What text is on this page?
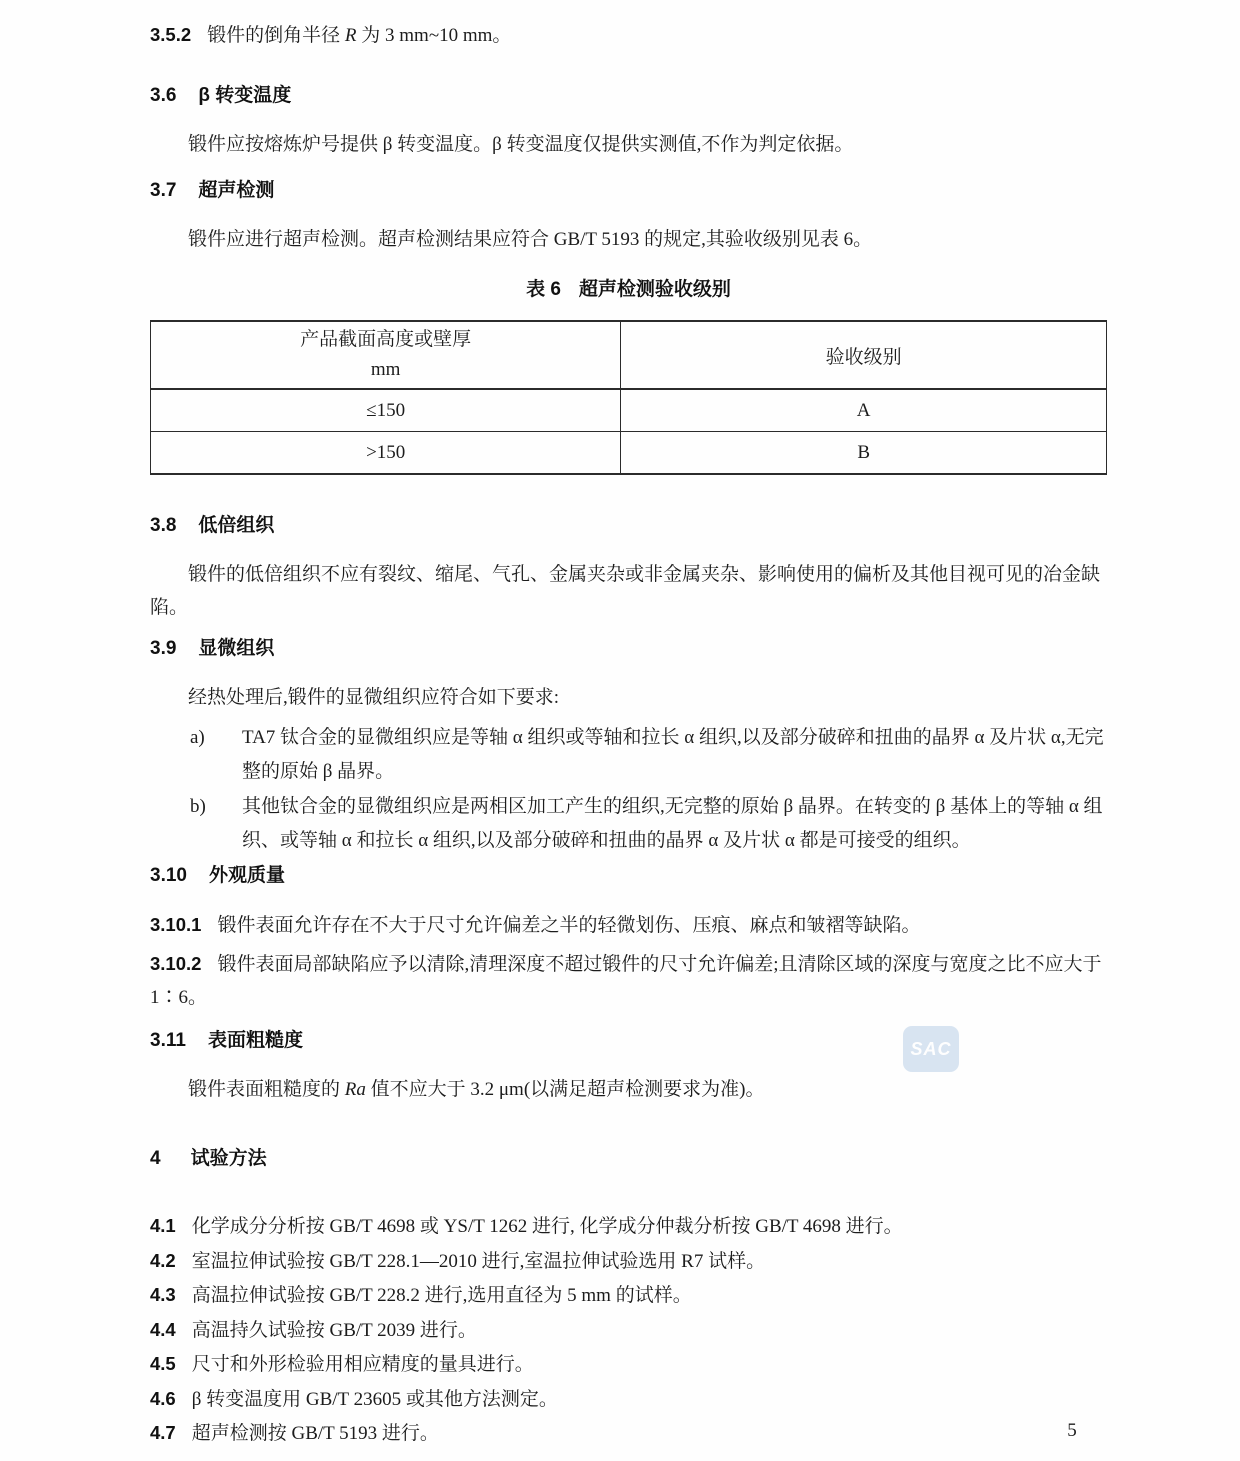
3.5.2 锻件的倒角半径 R 为 3 mm~10 mm。
3.6 β 转变温度
锻件应按熔炼炉号提供 β 转变温度。β 转变温度仅提供实测值,不作为判定依据。
3.7 超声检测
锻件应进行超声检测。超声检测结果应符合 GB/T 5193 的规定,其验收级别见表 6。
表 6 超声检测验收级别
产品截面高度或壁厚
mm	验收级别
≤150	A
>150	B
3.8 低倍组织
锻件的低倍组织不应有裂纹、缩尾、气孔、金属夹杂或非金属夹杂、影响使用的偏析及其他目视可见的冶金缺陷。
3.9 显微组织
经热处理后,锻件的显微组织应符合如下要求:
a)	TA7 钛合金的显微组织应是等轴 α 组织或等轴和拉长 α 组织,以及部分破碎和扭曲的晶界 α 及片状 α,无完整的原始 β 晶界。
b)	其他钛合金的显微组织应是两相区加工产生的组织,无完整的原始 β 晶界。在转变的 β 基体上的等轴 α 组织、或等轴 α 和拉长 α 组织,以及部分破碎和扭曲的晶界 α 及片状 α 都是可接受的组织。
3.10 外观质量
3.10.1 锻件表面允许存在不大于尺寸允许偏差之半的轻微划伤、压痕、麻点和皱褶等缺陷。
3.10.2 锻件表面局部缺陷应予以清除,清理深度不超过锻件的尺寸允许偏差;且清除区域的深度与宽度之比不应大于 1∶6。
3.11 表面粗糙度
锻件表面粗糙度的 Ra 值不应大于 3.2 μm(以满足超声检测要求为准)。
4 试验方法

4.1 化学成分分析按 GB/T 4698 或 YS/T 1262 进行, 化学成分仲裁分析按 GB/T 4698 进行。

4.2 室温拉伸试验按 GB/T 228.1—2010 进行,室温拉伸试验选用 R7 试样。

4.3 高温拉伸试验按 GB/T 228.2 进行,选用直径为 5 mm 的试样。

4.4 高温持久试验按 GB/T 2039 进行。

4.5 尺寸和外形检验用相应精度的量具进行。

4.6 β 转变温度用 GB/T 23605 或其他方法测定。

4.7 超声检测按 GB/T 5193 进行。

SAC
5
